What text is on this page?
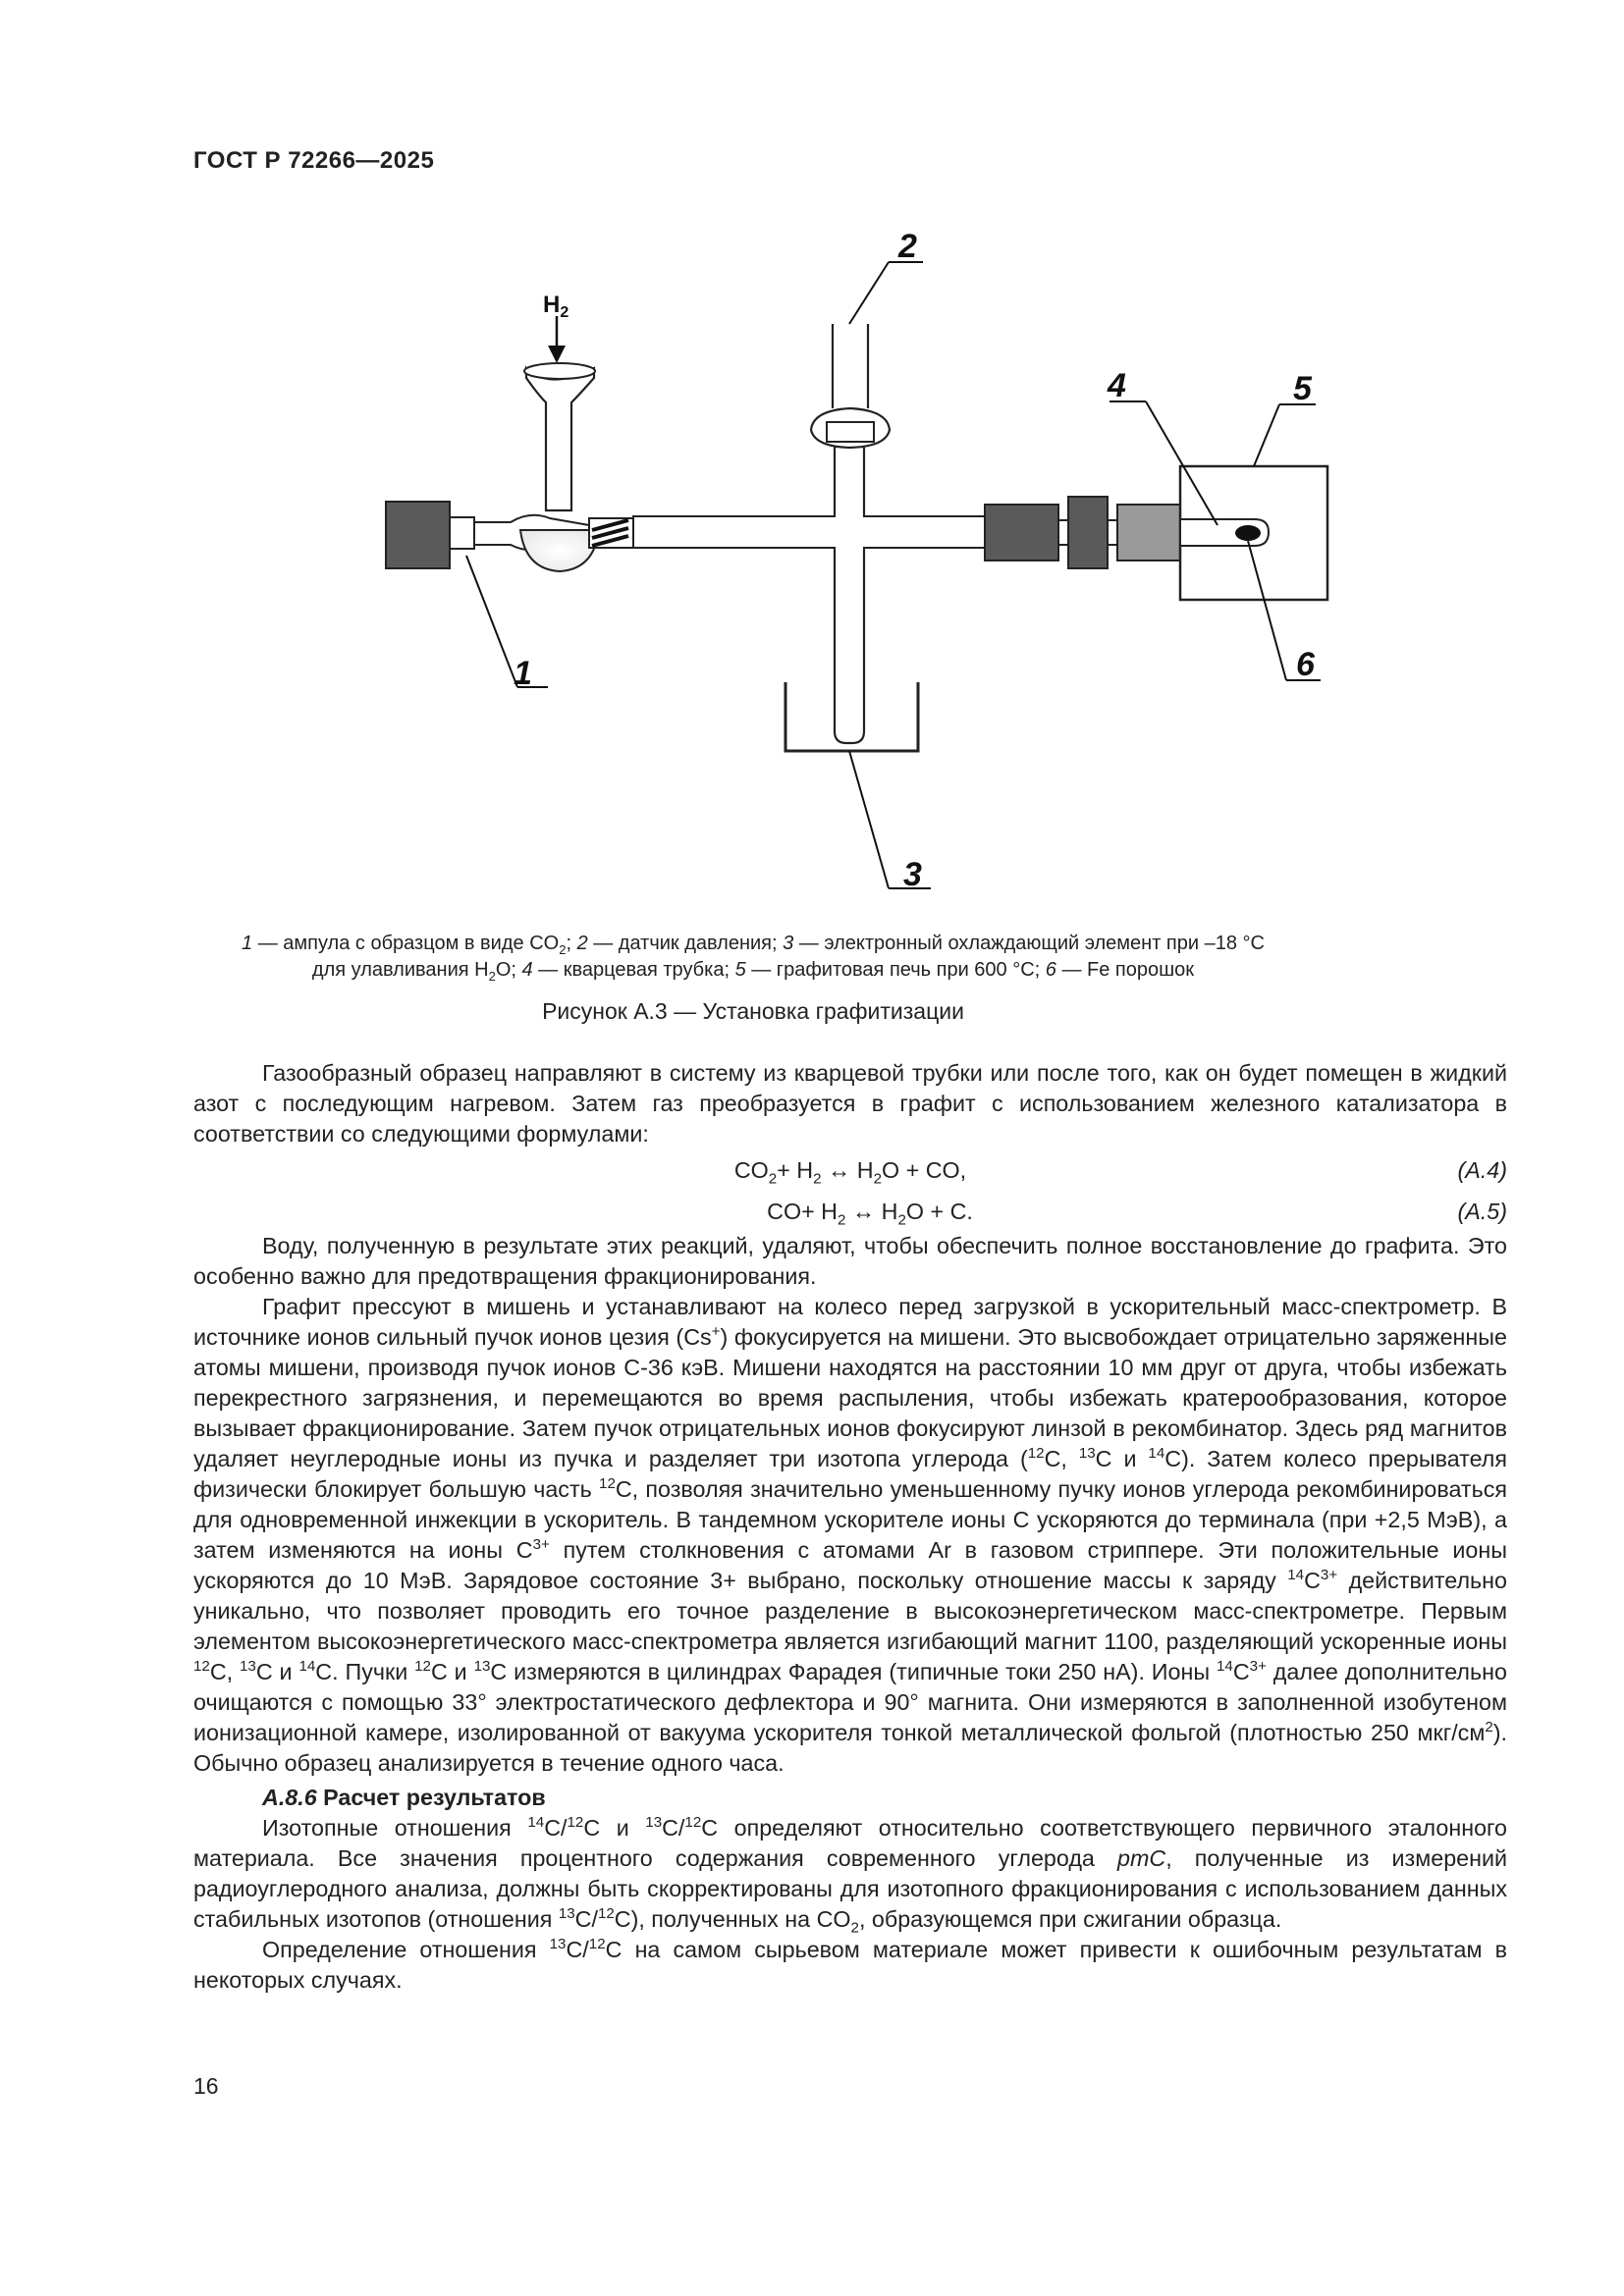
ГОСТ Р 72266—2025
$H_2$
1
2
3
4	5
6
1 — ампула с образцом в виде $CO_2$; 2 — датчик давления; 3 — электронный охлаждающий элемент при –18 °C
для улавливания $H_2O$; 4 — кварцевая трубка; 5 — графитовая печь при 600 °C; 6 — Fe порошок
Рисунок А.3 — Установка графитизации

Газообразный образец направляют в систему из кварцевой трубки или после того, как он будет помещен в жидкий азот с последующим нагревом. Затем газ преобразуется в графит с использованием железного катализатора в соответствии со следующими формулами:

$CO_2+ H_2$ ↔ $H_2O$ + CO,	(A.4)
$CO+ H_2$ ↔ $H_2O + C$.	(A.5)

Воду, полученную в результате этих реакций, удаляют, чтобы обеспечить полное восстановление до графита. Это особенно важно для предотвращения фракционирования.

Графит прессуют в мишень и устанавливают на колесо перед загрузкой в ускорительный масс-спектрометр. В источнике ионов сильный пучок ионов цезия (Cs+) фокусируется на мишени. Это высвобождает отрицательно заряженные атомы мишени, производя пучок ионов C-36 кэВ. Мишени находятся на расстоянии 10 мм друг от друга, чтобы избежать перекрестного загрязнения, и перемещаются во время распыления, чтобы избежать кратерообразования, которое вызывает фракционирование. Затем пучок отрицательных ионов фокусируют линзой в рекомбинатор. Здесь ряд магнитов удаляет неуглеродные ионы из пучка и разделяет три изотопа углерода ($^{12}$C, $^{13}$C и $^{14}$C). Затем колесо прерывателя физически блокирует большую часть $^{12}$C, позволяя значительно уменьшенному пучку ионов углерода рекомбинироваться для одновременной инжекции в ускоритель. В тандемном ускорителе ионы C ускоряются до терминала (при +2,5 МэВ), а затем изменяются на ионы $C^{3+}$ путем столкновения с атомами Ar в газовом стриппере. Эти положительные ионы ускоряются до 10 МэВ. Зарядовое состояние 3+ выбрано, поскольку отношение массы к заряду $^{14}C^{3+}$ действительно уникально, что позволяет проводить его точное разделение в высокоэнергетическом масс-спектрометре. Первым элементом высокоэнергетического масс-спектрометра является изгибающий магнит 1100, разделяющий ускоренные ионы $^{12}$C, $^{13}$C и $^{14}$C. Пучки $^{12}$C и $^{13}$C измеряются в цилиндрах Фарадея (типичные токи 250 нА). Ионы $^{14}C^{3+}$ далее дополнительно очищаются с помощью 33° электростатического дефлектора и 90° магнита. Они измеряются в заполненной изобутеном ионизационной камере, изолированной от вакуума ускорителя тонкой металлической фольгой (плотностью 250 мкг/$см^2$). Обычно образец анализируется в течение одного часа.

A.8.6 Расчет результатов

Изотопные отношения $^{14}$C/$^{12}$C и $^{13}$C/$^{12}$C определяют относительно соответствующего первичного эталонного материала. Все значения процентного содержания современного углерода pmC, полученные из измерений радиоуглеродного анализа, должны быть скорректированы для изотопного фракционирования с использованием данных стабильных изотопов (отношения $^{13}$C/$^{12}$C), полученных на $CO_2$, образующемся при сжигании образца.

Определение отношения $^{13}$C/$^{12}$C на самом сырьевом материале может привести к ошибочным результатам в некоторых случаях.

16
